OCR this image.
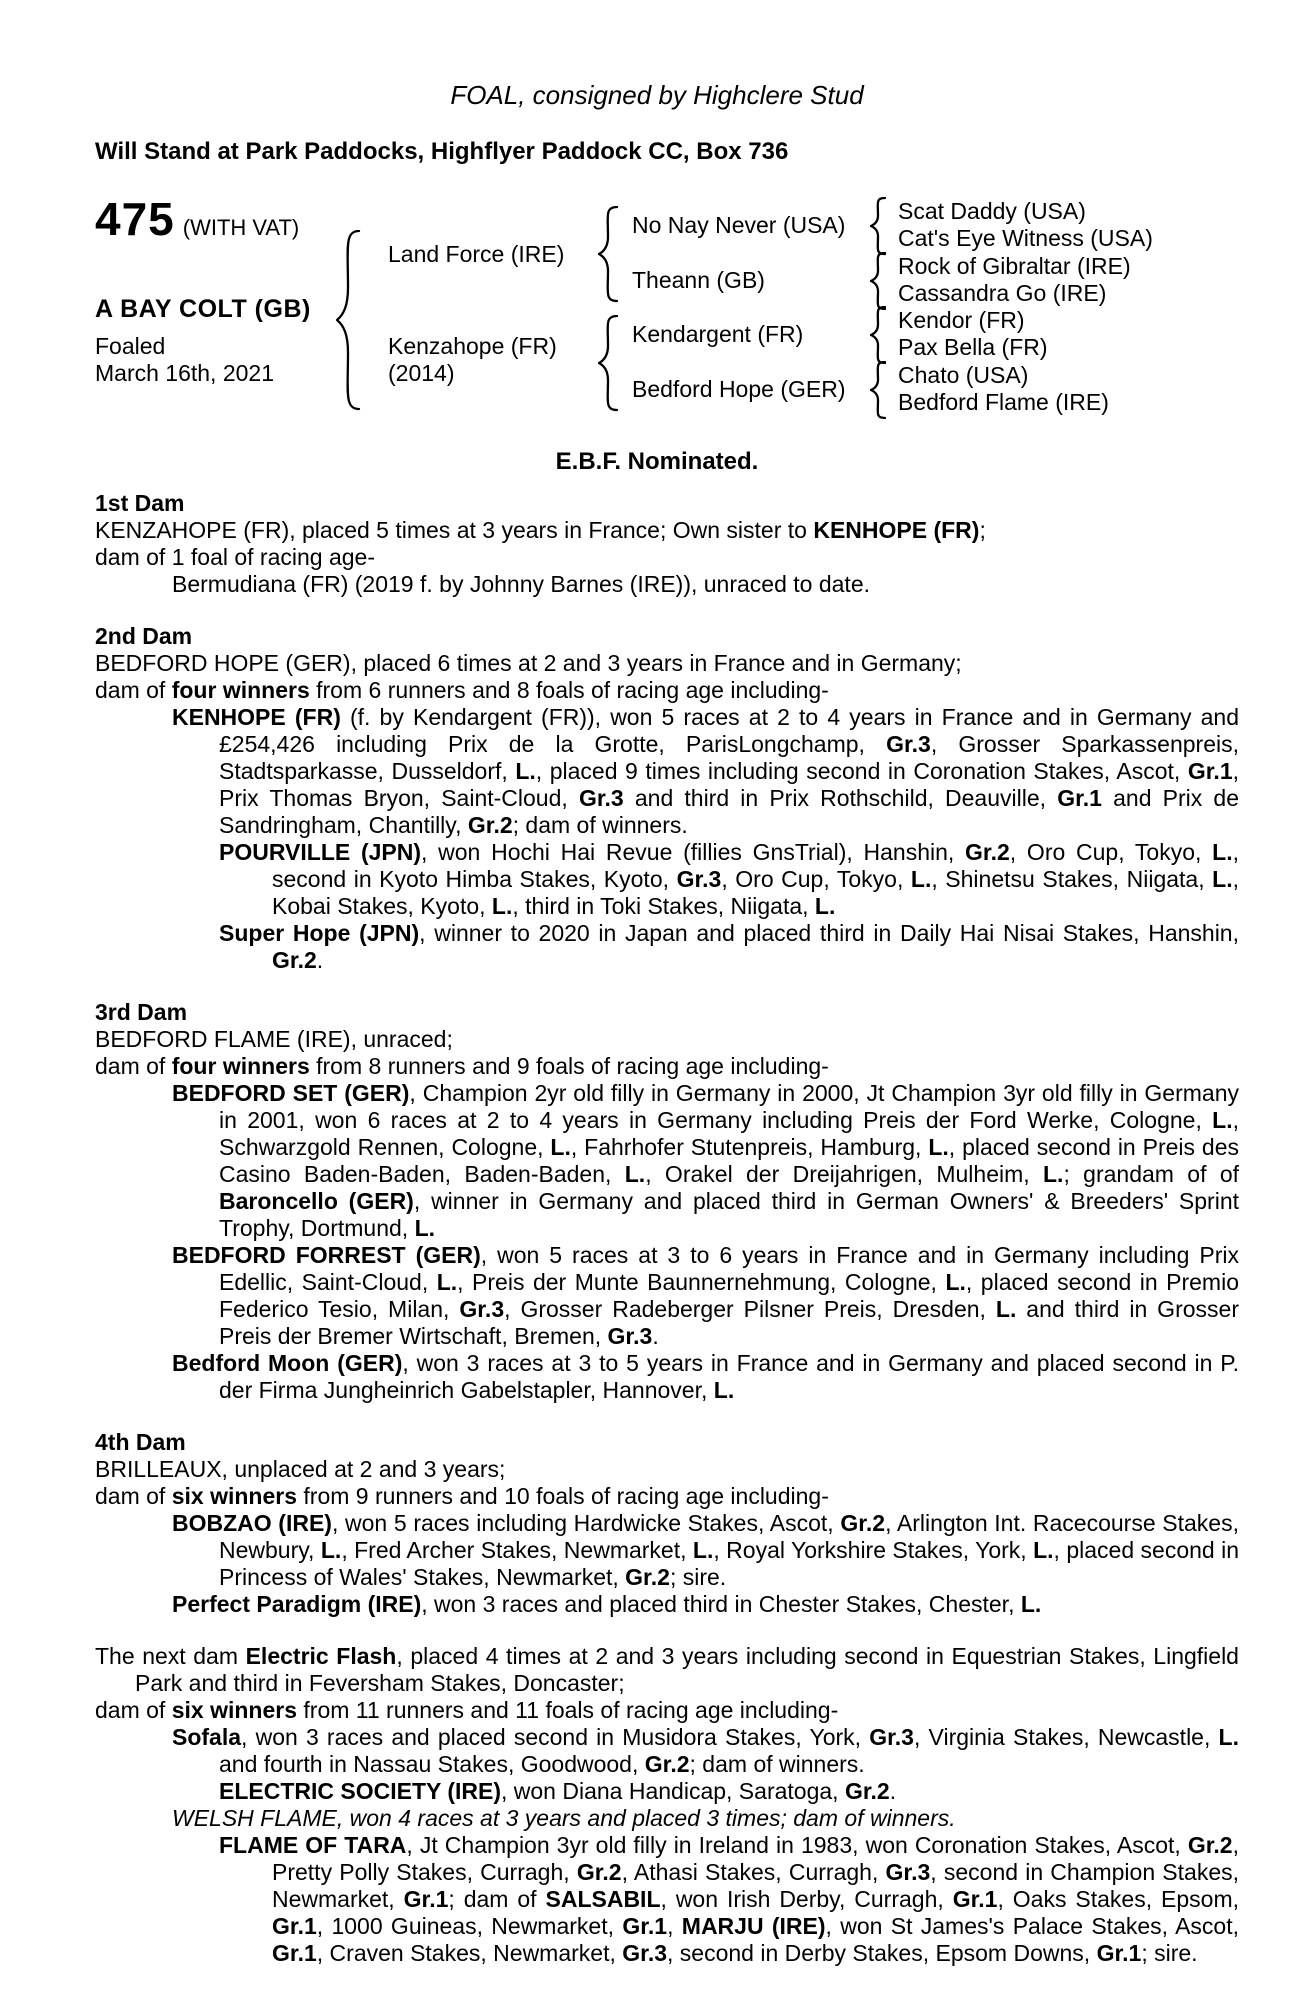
FOAL, consigned by Highclere Stud
Will Stand at Park Paddocks, Highflyer Paddock CC, Box 736
475 (WITH VAT)
A BAY COLT (GB)
Foaled
March 16th, 2021
Land Force (IRE)
Kenzahope (FR)
(2014)
No Nay Never (USA)
Theann (GB)
Kendargent (FR)
Bedford Hope (GER)
Scat Daddy (USA)
Cat's Eye Witness (USA)
Rock of Gibraltar (IRE)
Cassandra Go (IRE)
Kendor (FR)
Pax Bella (FR)
Chato (USA)
Bedford Flame (IRE)
E.B.F. Nominated.
1st Dam

KENZAHOPE (FR), placed 5 times at 3 years in France; Own sister to KENHOPE (FR);

dam of 1 foal of racing age-

Bermudiana (FR) (2019 f. by Johnny Barnes (IRE)), unraced to date.

2nd Dam

BEDFORD HOPE (GER), placed 6 times at 2 and 3 years in France and in Germany;

dam of four winners from 6 runners and 8 foals of racing age including-

KENHOPE (FR) (f. by Kendargent (FR)), won 5 races at 2 to 4 years in France and in Germany and £254,426 including Prix de la Grotte, ParisLongchamp, Gr.3, Grosser Sparkassenpreis, Stadtsparkasse, Dusseldorf, L., placed 9 times including second in Coronation Stakes, Ascot, Gr.1, Prix Thomas Bryon, Saint-Cloud, Gr.3 and third in Prix Rothschild, Deauville, Gr.1 and Prix de Sandringham, Chantilly, Gr.2; dam of winners.

POURVILLE (JPN), won Hochi Hai Revue (fillies GnsTrial), Hanshin, Gr.2, Oro Cup, Tokyo, L., second in Kyoto Himba Stakes, Kyoto, Gr.3, Oro Cup, Tokyo, L., Shinetsu Stakes, Niigata, L., Kobai Stakes, Kyoto, L., third in Toki Stakes, Niigata, L.

Super Hope (JPN), winner to 2020 in Japan and placed third in Daily Hai Nisai Stakes, Hanshin, Gr.2.

3rd Dam

BEDFORD FLAME (IRE), unraced;

dam of four winners from 8 runners and 9 foals of racing age including-

BEDFORD SET (GER), Champion 2yr old filly in Germany in 2000, Jt Champion 3yr old filly in Germany in 2001, won 6 races at 2 to 4 years in Germany including Preis der Ford Werke, Cologne, L., Schwarzgold Rennen, Cologne, L., Fahrhofer Stutenpreis, Hamburg, L., placed second in Preis des Casino Baden-Baden, Baden-Baden, L., Orakel der Dreijahrigen, Mulheim, L.; grandam of of Baroncello (GER), winner in Germany and placed third in German Owners' & Breeders' Sprint Trophy, Dortmund, L.

BEDFORD FORREST (GER), won 5 races at 3 to 6 years in France and in Germany including Prix Edellic, Saint-Cloud, L., Preis der Munte Baunnernehmung, Cologne, L., placed second in Premio Federico Tesio, Milan, Gr.3, Grosser Radeberger Pilsner Preis, Dresden, L. and third in Grosser Preis der Bremer Wirtschaft, Bremen, Gr.3.

Bedford Moon (GER), won 3 races at 3 to 5 years in France and in Germany and placed second in P. der Firma Jungheinrich Gabelstapler, Hannover, L.

4th Dam

BRILLEAUX, unplaced at 2 and 3 years;

dam of six winners from 9 runners and 10 foals of racing age including-

BOBZAO (IRE), won 5 races including Hardwicke Stakes, Ascot, Gr.2, Arlington Int. Racecourse Stakes, Newbury, L., Fred Archer Stakes, Newmarket, L., Royal Yorkshire Stakes, York, L., placed second in Princess of Wales' Stakes, Newmarket, Gr.2; sire.

Perfect Paradigm (IRE), won 3 races and placed third in Chester Stakes, Chester, L.

The next dam Electric Flash, placed 4 times at 2 and 3 years including second in Equestrian Stakes, Lingfield Park and third in Feversham Stakes, Doncaster;

dam of six winners from 11 runners and 11 foals of racing age including-

Sofala, won 3 races and placed second in Musidora Stakes, York, Gr.3, Virginia Stakes, Newcastle, L. and fourth in Nassau Stakes, Goodwood, Gr.2; dam of winners.

ELECTRIC SOCIETY (IRE), won Diana Handicap, Saratoga, Gr.2.

WELSH FLAME, won 4 races at 3 years and placed 3 times; dam of winners.

FLAME OF TARA, Jt Champion 3yr old filly in Ireland in 1983, won Coronation Stakes, Ascot, Gr.2, Pretty Polly Stakes, Curragh, Gr.2, Athasi Stakes, Curragh, Gr.3, second in Champion Stakes, Newmarket, Gr.1; dam of SALSABIL, won Irish Derby, Curragh, Gr.1, Oaks Stakes, Epsom, Gr.1, 1000 Guineas, Newmarket, Gr.1, MARJU (IRE), won St James's Palace Stakes, Ascot, Gr.1, Craven Stakes, Newmarket, Gr.3, second in Derby Stakes, Epsom Downs, Gr.1; sire.
